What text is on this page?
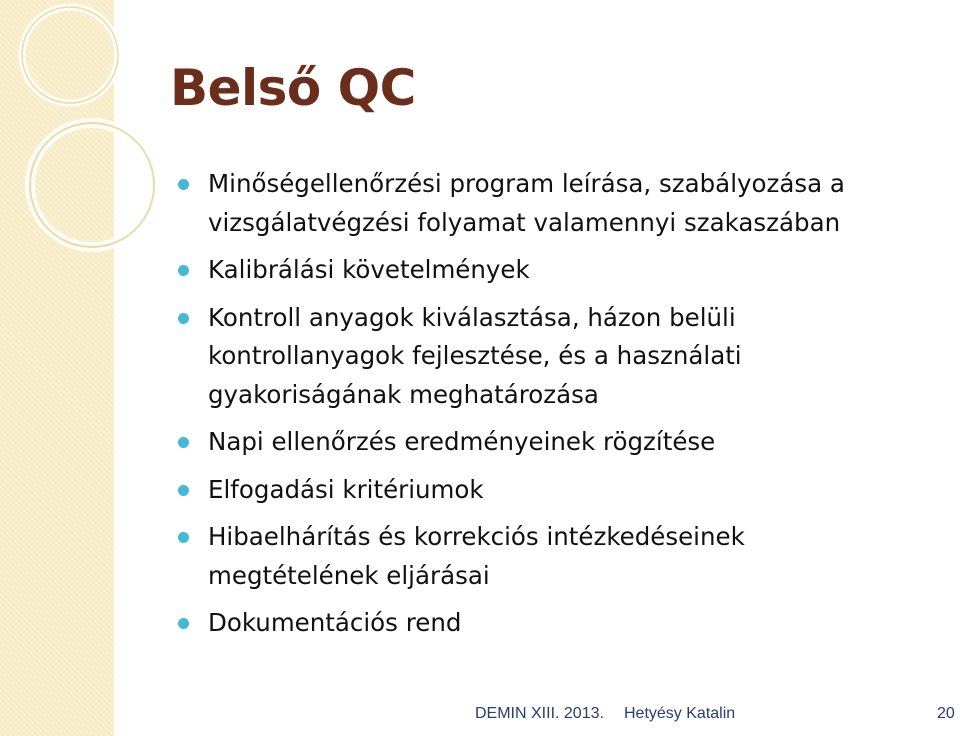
Belső QC
Minőségellenőrzési program leírása, szabályozása a
vizsgálatvégzési folyamat valamennyi szakaszában
Kalibrálási követelmények
Kontroll anyagok kiválasztása, házon belüli
kontrollanyagok fejlesztése, és a használati
gyakoriságának meghatározása
Napi ellenőrzés eredményeinek rögzítése
Elfogadási kritériumok
Hibaelhárítás és korrekciós intézkedéseinek
megtételének eljárásai
Dokumentációs rend
DEMIN XIII. 2013. Hetyésy Katalin	20
